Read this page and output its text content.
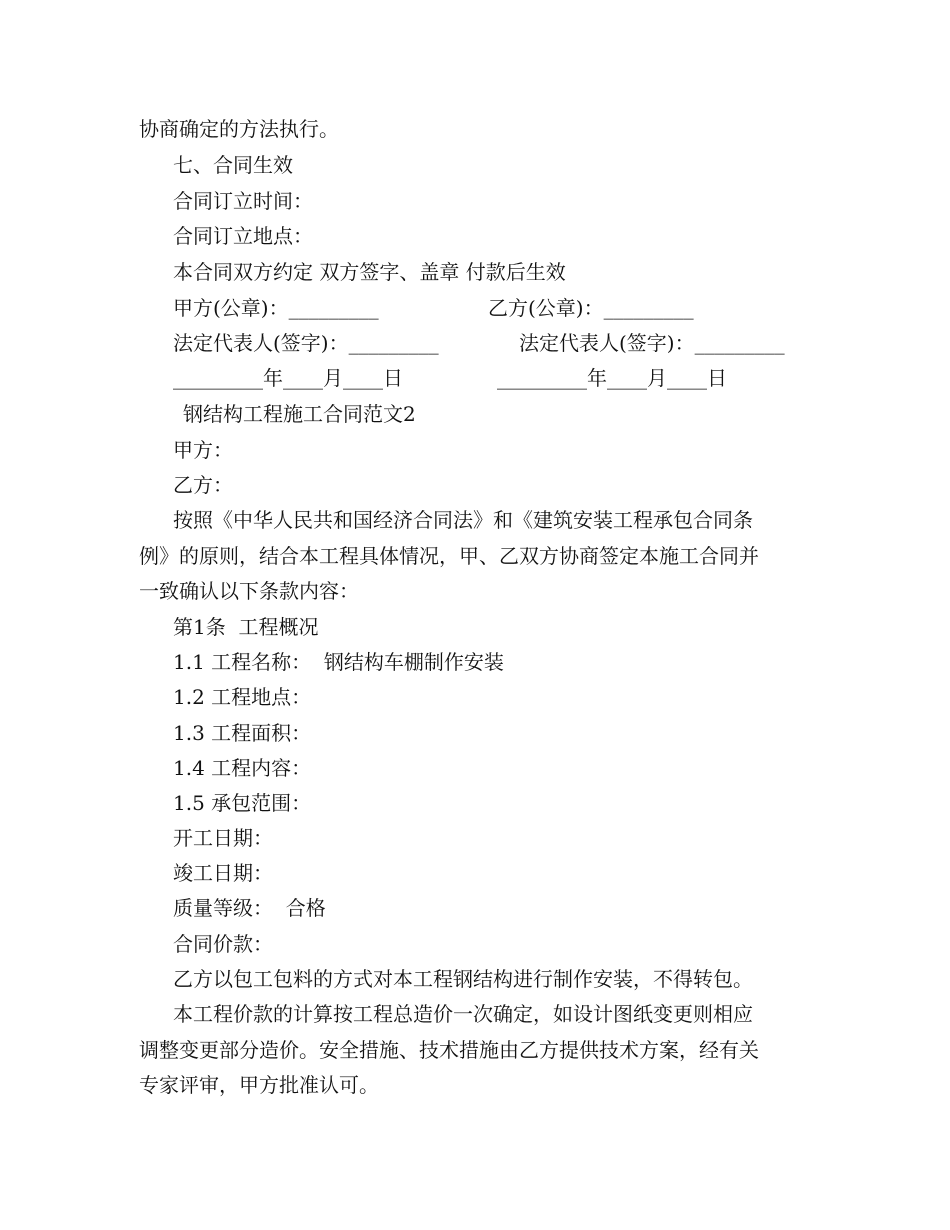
协商确定的方法执行。
七、合同生效
合同订立时间：
合同订立地点：
本合同双方约定 双方签字、盖章 付款后生效
甲方(公章)：_________	乙方(公章)：_________
法定代表人(签字)：_________	法定代表人(签字)：_________
_________年____月____日	_________年____月____日
钢结构工程施工合同范文2
甲方：
乙方：
按照《中华人民共和国经济合同法》和《建筑安装工程承包合同条
例》的原则，结合本工程具体情况，甲、乙双方协商签定本施工合同并
一致确认以下条款内容：
第1条  工程概况
1.1 工程名称：  钢结构车棚制作安装
1.2 工程地点：
1.3 工程面积：
1.4 工程内容：
1.5 承包范围：
开工日期：
竣工日期：
质量等级：  合格
合同价款：
乙方以包工包料的方式对本工程钢结构进行制作安装，不得转包。
本工程价款的计算按工程总造价一次确定，如设计图纸变更则相应
调整变更部分造价。安全措施、技术措施由乙方提供技术方案，经有关
专家评审，甲方批准认可。
